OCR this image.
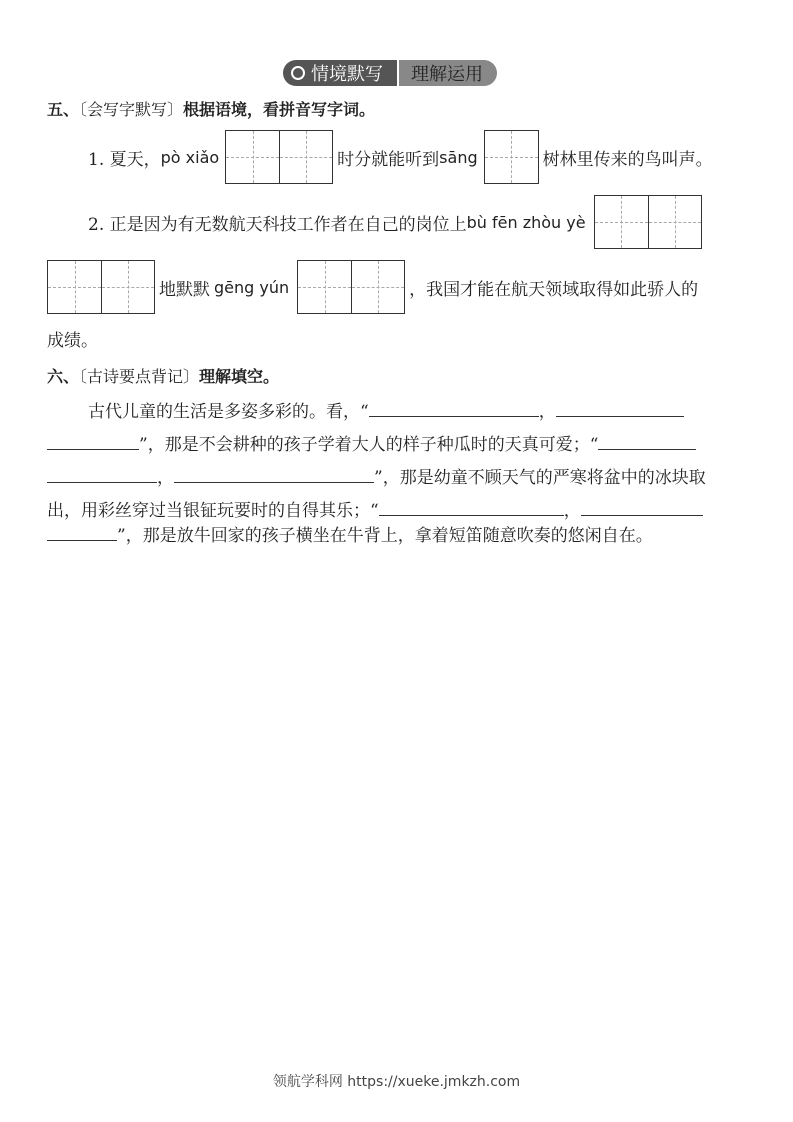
情境默写	理解运用
五、〔会写字默写〕根据语境，看拼音写字词。
1. 夏天， pò xiǎo	时分就能听到 sāng	树林里传来的鸟叫声。
2. 正是因为有无数航天科技工作者在自己的岗位上 bù fēn zhòu yè
地默默 gēng yún	，我国才能在航天领域取得如此骄人的
成绩。
六、〔古诗要点背记〕理解填空。
古代儿童的生活是多姿多彩的。看，“	，
”，那是不会耕种的孩子学着大人的样子种瓜时的天真可爱；“
，	”，那是幼童不顾天气的严寒将盆中的冰块取
出，用彩丝穿过当银钲玩要时的自得其乐；“	，
”，那是放牛回家的孩子横坐在牛背上，拿着短笛随意吹奏的悠闲自在。
领航学科网 https://xueke.jmkzh.com
